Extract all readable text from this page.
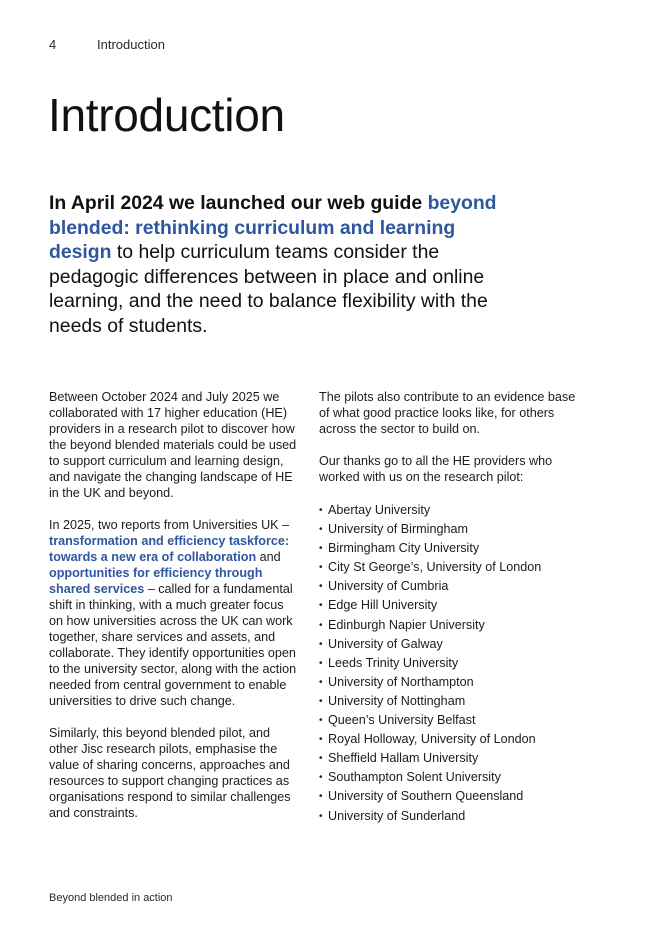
4	Introduction
Introduction

In April 2024 we launched our web guide beyond blended: rethinking curriculum and learning design to help curriculum teams consider the pedagogic differences between in place and online learning, and the need to balance flexibility with the needs of students.

Between October 2024 and July 2025 we collaborated with 17 higher education (HE) providers in a research pilot to discover how the beyond blended materials could be used to support curriculum and learning design, and navigate the changing landscape of HE in the UK and beyond.

In 2025, two reports from Universities UK – transformation and efficiency taskforce: towards a new era of collaboration and opportunities for efficiency through shared services – called for a fundamental shift in thinking, with a much greater focus on how universities across the UK can work together, share services and assets, and collaborate. They identify opportunities open to the university sector, along with the action needed from central government to enable universities to drive such change.

Similarly, this beyond blended pilot, and other Jisc research pilots, emphasise the value of sharing concerns, approaches and resources to support changing practices as organisations respond to similar challenges and constraints.

The pilots also contribute to an evidence base of what good practice looks like, for others across the sector to build on.

Our thanks go to all the HE providers who worked with us on the research pilot:

• Abertay University
• University of Birmingham
• Birmingham City University
• City St George’s, University of London
• University of Cumbria
• Edge Hill University
• Edinburgh Napier University
• University of Galway
• Leeds Trinity University
• University of Northampton
• University of Nottingham
• Queen’s University Belfast
• Royal Holloway, University of London
• Sheffield Hallam University
• Southampton Solent University
• University of Southern Queensland
• University of Sunderland
Beyond blended in action
